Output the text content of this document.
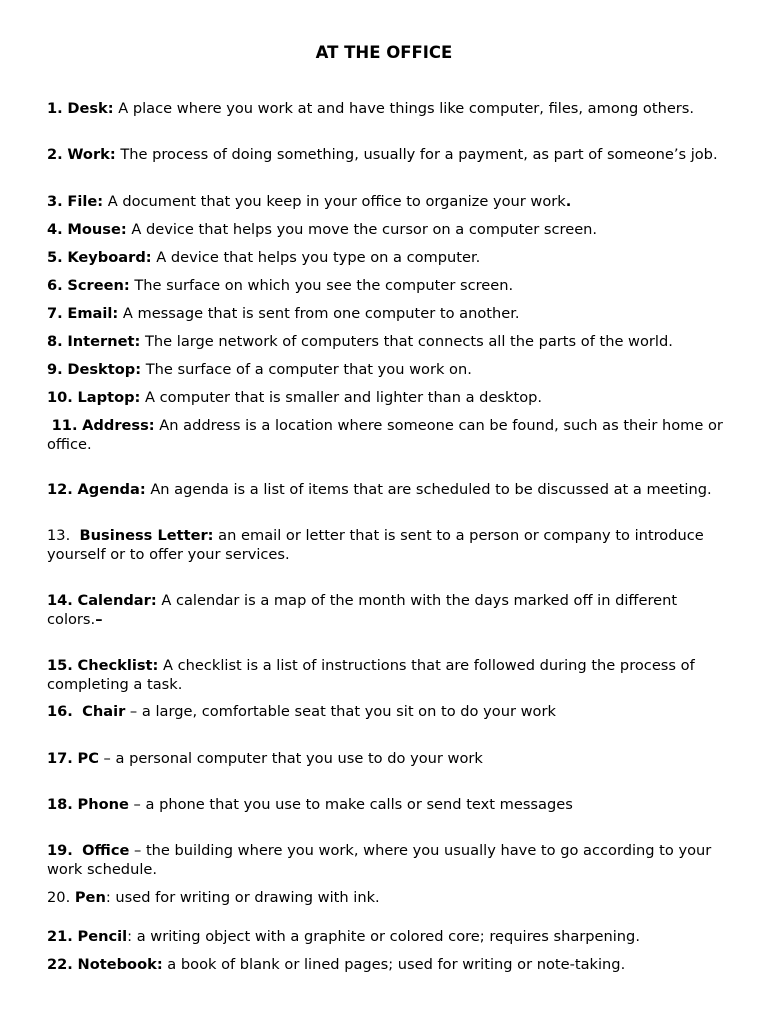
AT THE OFFICE
1. Desk: A place where you work at and have things like computer, files, among others.
2. Work: The process of doing something, usually for a payment, as part of someone’s job.
3. File: A document that you keep in your office to organize your work.
4. Mouse: A device that helps you move the cursor on a computer screen.
5. Keyboard: A device that helps you type on a computer.
6. Screen: The surface on which you see the computer screen.
7. Email: A message that is sent from one computer to another.
8. Internet: The large network of computers that connects all the parts of the world.
9. Desktop: The surface of a computer that you work on.
10. Laptop: A computer that is smaller and lighter than a desktop.
11. Address: An address is a location where someone can be found, such as their home or office.
12. Agenda: An agenda is a list of items that are scheduled to be discussed at a meeting.
13. Business Letter: an email or letter that is sent to a person or company to introduce yourself or to offer your services.
14. Calendar: A calendar is a map of the month with the days marked off in different colors.–
15. Checklist: A checklist is a list of instructions that are followed during the process of completing a task.
16. Chair – a large, comfortable seat that you sit on to do your work
17. PC – a personal computer that you use to do your work
18. Phone – a phone that you use to make calls or send text messages
19. Office – the building where you work, where you usually have to go according to your work schedule.
20. Pen: used for writing or drawing with ink.
21. Pencil: a writing object with a graphite or colored core; requires sharpening.
22. Notebook: a book of blank or lined pages; used for writing or note-taking.
